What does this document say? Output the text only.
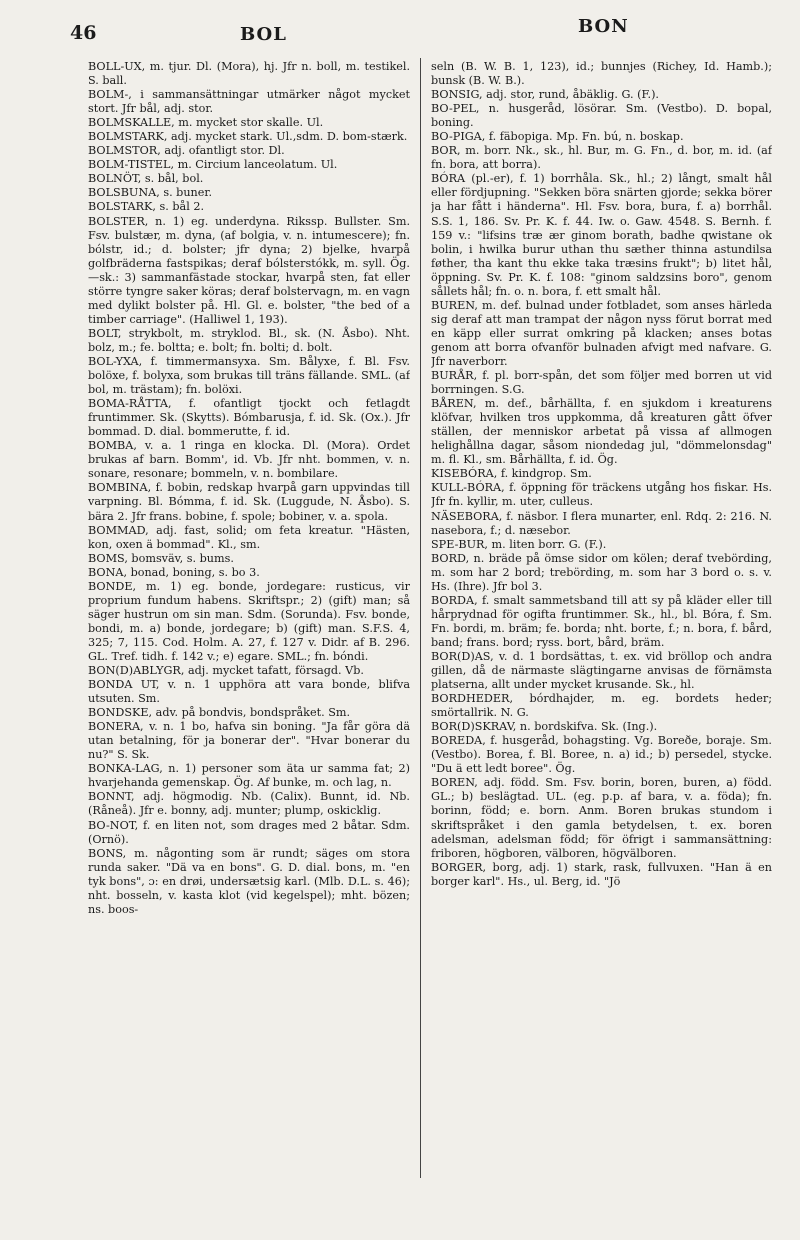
46	BOL	BON

BOLL-UX, m. tjur. Dl. (Mora), hj. Jfr n. boll, m. testikel. S. ball.

BOLM-, i sammansättningar utmärker något mycket stort. Jfr bål, adj. stor.

BOLMSKALLE, m. mycket stor skalle. Ul.

BOLMSTARK, adj. mycket stark. Ul.,sdm. D. bom-stærk.

BOLMSTOR, adj. ofantligt stor. Dl.

BOLM-TISTEL, m. Circium lanceolatum. Ul.

BOLNÖT, s. bål, bol.

BOLSBUNA, s. buner.

BOLSTARK, s. bål 2.

BOLSTER, n. 1) eg. underdyna. Rikssp. Bullster. Sm. Fsv. bulstær, m. dyna, (af bolgia, v. n. intumescere); fn. bólstr, id.; d. bolster; jfr dyna; 2) bjelke, hvarpå golfbräderna fastspikas; deraf bólsterstókk, m. syll. Ög.—sk.: 3) sammanfästade stockar, hvarpå sten, fat eller större tyngre saker köras; deraf bolstervagn, m. en vagn med dylikt bolster på. Hl. Gl. e. bolster, "the bed of a timber carriage". (Halliwel 1, 193).

BOLT, strykbolt, m. stryklod. Bl., sk. (N. Åsbo). Nht. bolz, m.; fe. boltta; e. bolt; fn. bolti; d. bolt.

BOL-YXA, f. timmermansyxa. Sm. Bålyxe, f. Bl. Fsv. bolöxe, f. bolyxa, som brukas till träns fällande. SML. (af bol, m. trästam); fn. bolöxi.

BOMA-RÅTTA, f. ofantligt tjockt och fetlagdt fruntimmer. Sk. (Skytts). Bómbarusja, f. id. Sk. (Ox.). Jfr bommad. D. dial. bommerutte, f. id.

BOMBA, v. a. 1 ringa en klocka. Dl. (Mora). Ordet brukas af barn. Bomm', id. Vb. Jfr nht. bommen, v. n. sonare, resonare; bommeln, v. n. bombilare.

BOMBINA, f. bobin, redskap hvarpå garn uppvindas till varpning. Bl. Bómma, f. id. Sk. (Luggude, N. Åsbo). S. bära 2. Jfr frans. bobine, f. spole; bobiner, v. a. spola.

BOMMAD, adj. fast, solid; om feta kreatur. "Hästen, kon, oxen ä bommad". Kl., sm.

BOMS, bomsväv, s. bums.

BONA, bonad, boning, s. bo 3.

BONDE, m. 1) eg. bonde, jordegare: rusticus, vir proprium fundum habens. Skriftspr.; 2) (gift) man; så säger hustrun om sin man. Sdm. (Sorunda). Fsv. bonde, bondi, m. a) bonde, jordegare; b) (gift) man. S.F.S. 4, 325; 7, 115. Cod. Holm. A. 27, f. 127 v. Didr. af B. 296. GL. Tref. tidh. f. 142 v.; e) egare. SML.; fn. bóndi.

BON(D)ABLYGR, adj. mycket tafatt, försagd. Vb.

BONDA UT, v. n. 1 upphöra att vara bonde, blifva utsuten. Sm.

BONDSKE, adv. på bondvis, bondspråket. Sm.

BONERA, v. n. 1 bo, hafva sin boning. "Ja får göra dä utan betalning, för ja bonerar der". "Hvar bonerar du nu?" S. Sk.

BONKA-LAG, n. 1) personer som äta ur samma fat; 2) hvarjehanda gemenskap. Ög. Af bunke, m. och lag, n.

BONNT, adj. högmodig. Nb. (Calix). Bunnt, id. Nb. (Råneå). Jfr e. bonny, adj. munter; plump, oskicklig.

BO-NOT, f. en liten not, som drages med 2 båtar. Sdm. (Ornö).

BONS, m. någonting som är rundt; säges om stora runda saker. "Dä va en bons". G. D. dial. bons, m. "en tyk bons", ɔ: en drøi, undersætsig karl. (Mlb. D.L. s. 46); nht. bosseln, v. kasta klot (vid kegelspel); mht. bözen; ns. boos-

seln (B. W. B. 1, 123), id.; bunnjes (Richey, Id. Hamb.); bunsk (B. W. B.).

BONSIG, adj. stor, rund, åbäklig. G. (F.).

BO-PEL, n. husgeråd, lösörar. Sm. (Vestbo). D. bopal, boning.

BO-PIGA, f. fäbopiga. Mp. Fn. bú, n. boskap.

BOR, m. borr. Nk., sk., hl. Bur, m. G. Fn., d. bor, m. id. (af fn. bora, att borra).

BÓRA (pl.-er), f. 1) borrhåla. Sk., hl.; 2) långt, smalt hål eller fördjupning. "Sekken böra snärten gjorde; sekka börer ja har fått i händerna". Hl. Fsv. bora, bura, f. a) borrhål. S.S. 1, 186. Sv. Pr. K. f. 44. Iw. o. Gaw. 4548. S. Bernh. f. 159 v.: "lifsins træ ær ginom borath, badhe qwistane ok bolin, i hwilka burur uthan thu sæther thinna astundilsa føther, tha kant thu ekke taka træsins frukt"; b) litet hål, öppning. Sv. Pr. K. f. 108: "ginom saldzsins boro", genom sållets hål; fn. o. n. bora, f. ett smalt hål.

BUREN, m. def. bulnad under fotbladet, som anses härleda sig deraf att man trampat der någon nyss förut borrat med en käpp eller surrat omkring på klacken; anses botas genom att borra ofvanför bulnaden afvigt med nafvare. G. Jfr naverborr.

BURÅR, f. pl. borr-spån, det som följer med borren ut vid borrningen. S.G.

BÅREN, m. def., bårhällta, f. en sjukdom i kreaturens klöfvar, hvilken tros uppkomma, då kreaturen gått öfver ställen, der menniskor arbetat på vissa af allmogen helighållna dagar, såsom niondedag jul, "dömmelonsdag" m. fl. Kl., sm. Bårhällta, f. id. Ög.

KISEBÓRA, f. kindgrop. Sm.

KULL-BÓRA, f. öppning för träckens utgång hos fiskar. Hs. Jfr fn. kyllir, m. uter, culleus.

NÄSEBORA, f. näsbor. I flera munarter, enl. Rdq. 2: 216. N. nasebora, f.; d. næsebor.

SPE-BUR, m. liten borr. G. (F.).

BORD, n. bräde på ömse sidor om kölen; deraf tvebörding, m. som har 2 bord; trebörding, m. som har 3 bord o. s. v. Hs. (Ihre). Jfr bol 3.

BORDA, f. smalt sammetsband till att sy på kläder eller till hårprydnad för ogifta fruntimmer. Sk., hl., bl. Bóra, f. Sm. Fn. bordi, m. bräm; fe. borda; nht. borte, f.; n. bora, f. bård, band; frans. bord; ryss. bort, bård, bräm.

BOR(D)AS, v. d. 1 bordsättas, t. ex. vid bröllop och andra gillen, då de närmaste slägtingarne anvisas de förnämsta platserna, allt under mycket krusande. Sk., hl.

BORDHEDER, bórdhajder, m. eg. bordets heder; smörtallrik. N. G.

BOR(D)SKRAV, n. bordskifva. Sk. (Ing.).

BOREDA, f. husgeråd, bohagsting. Vg. Boreðe, boraje. Sm. (Vestbo). Borea, f. Bl. Boree, n. a) id.; b) persedel, stycke. "Du ä ett ledt boree". Ög.

BOREN, adj. född. Sm. Fsv. borin, boren, buren, a) född. GL.; b) beslägtad. UL. (eg. p.p. af bara, v. a. föda); fn. borinn, född; e. born. Anm. Boren brukas stundom i skriftspråket i den gamla betydelsen, t. ex. boren adelsman, adelsman född; för öfrigt i sammansättning: friboren, högboren, välboren, högvälboren.

BORGER, borg, adj. 1) stark, rask, fullvuxen. "Han ä en borger karl". Hs., ul. Berg, id. "Jö
